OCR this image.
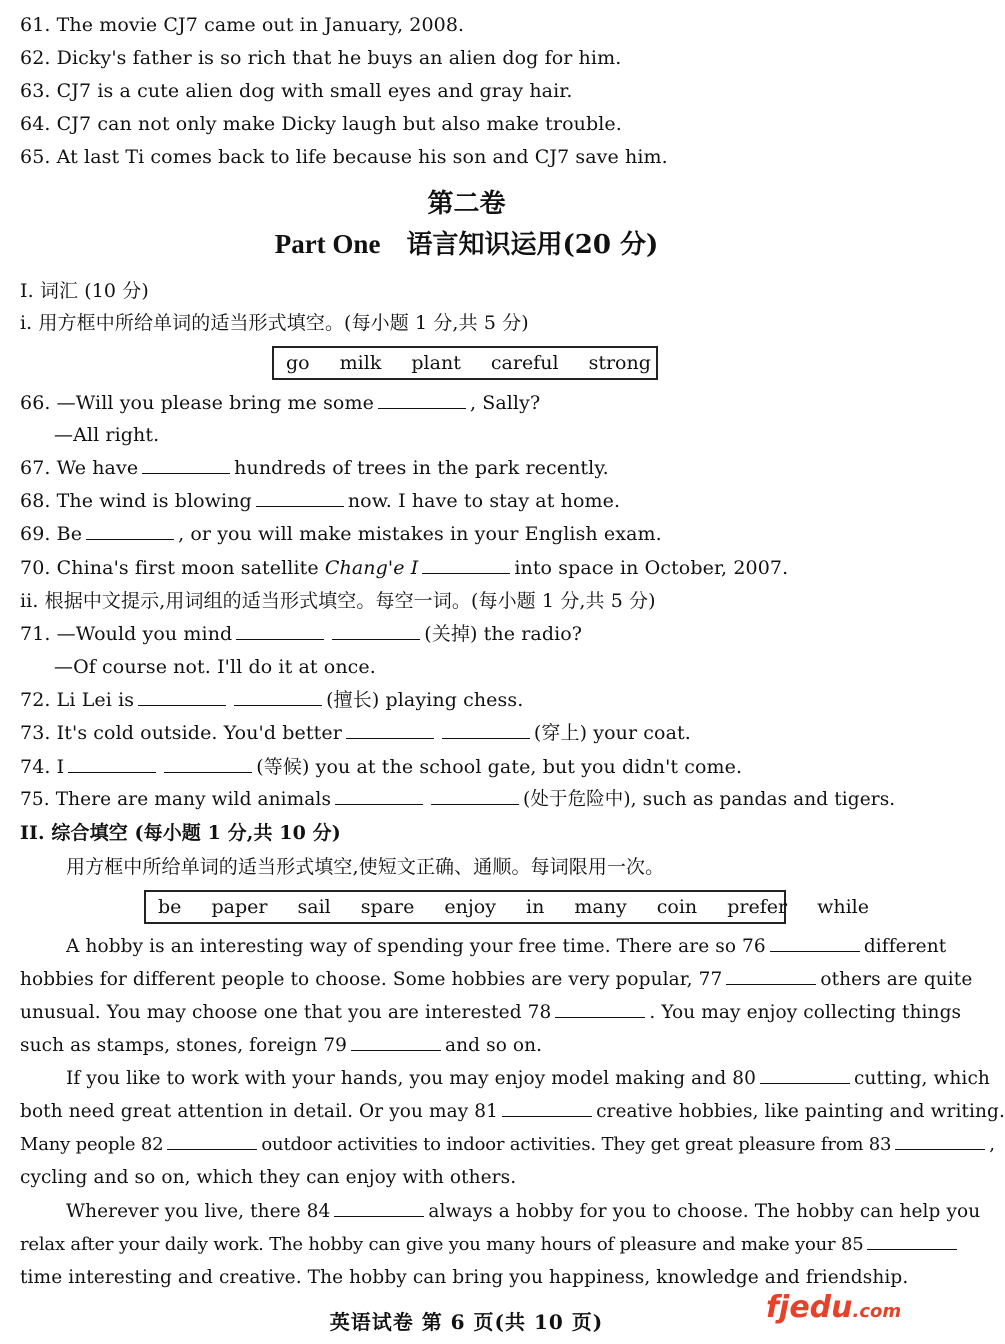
61. The movie CJ7 came out in January, 2008.
62. Dicky's father is so rich that he buys an alien dog for him.
63. CJ7 is a cute alien dog with small eyes and gray hair.
64. CJ7 can not only make Dicky laugh but also make trouble.
65. At last Ti comes back to life because his son and CJ7 save him.
第二卷
Part One 语言知识运用(20 分)
I. 词汇 (10 分)
i. 用方框中所给单词的适当形式填空。(每小题 1 分,共 5 分)
go milk plant careful strong
66. —Will you please bring me some	, Sally?
—All right.
67. We have	hundreds of trees in the park recently.
68. The wind is blowing	now. I have to stay at home.
69. Be	, or you will make mistakes in your English exam.
70. China's first moon satellite Chang'e I	into space in October, 2007.
ii. 根据中文提示,用词组的适当形式填空。每空一词。(每小题 1 分,共 5 分)
71. —Would you mind	(关掉) the radio?
—Of course not. I'll do it at once.
72. Li Lei is	(擅长) playing chess.
73. It's cold outside. You'd better	(穿上) your coat.
74. I	(等候) you at the school gate, but you didn't come.
75. There are many wild animals	(处于危险中), such as pandas and tigers.
II. 综合填空 (每小题 1 分,共 10 分)
用方框中所给单词的适当形式填空,使短文正确、通顺。每词限用一次。
be paper sail spare enjoy in many coin prefer while
A hobby is an interesting way of spending your free time. There are so 76	different
hobbies for different people to choose. Some hobbies are very popular, 77	others are quite
unusual. You may choose one that you are interested 78	. You may enjoy collecting things
such as stamps, stones, foreign 79	and so on.
If you like to work with your hands, you may enjoy model making and 80	cutting, which
both need great attention in detail. Or you may 81	creative hobbies, like painting and writing.
Many people 82	outdoor activities to indoor activities. They get great pleasure from 83	,
cycling and so on, which they can enjoy with others.
Wherever you live, there 84	always a hobby for you to choose. The hobby can help you
relax after your daily work. The hobby can give you many hours of pleasure and make your 85
time interesting and creative. The hobby can bring you happiness, knowledge and friendship.
英语试卷 第 6 页(共 10 页)	fjedu.com
